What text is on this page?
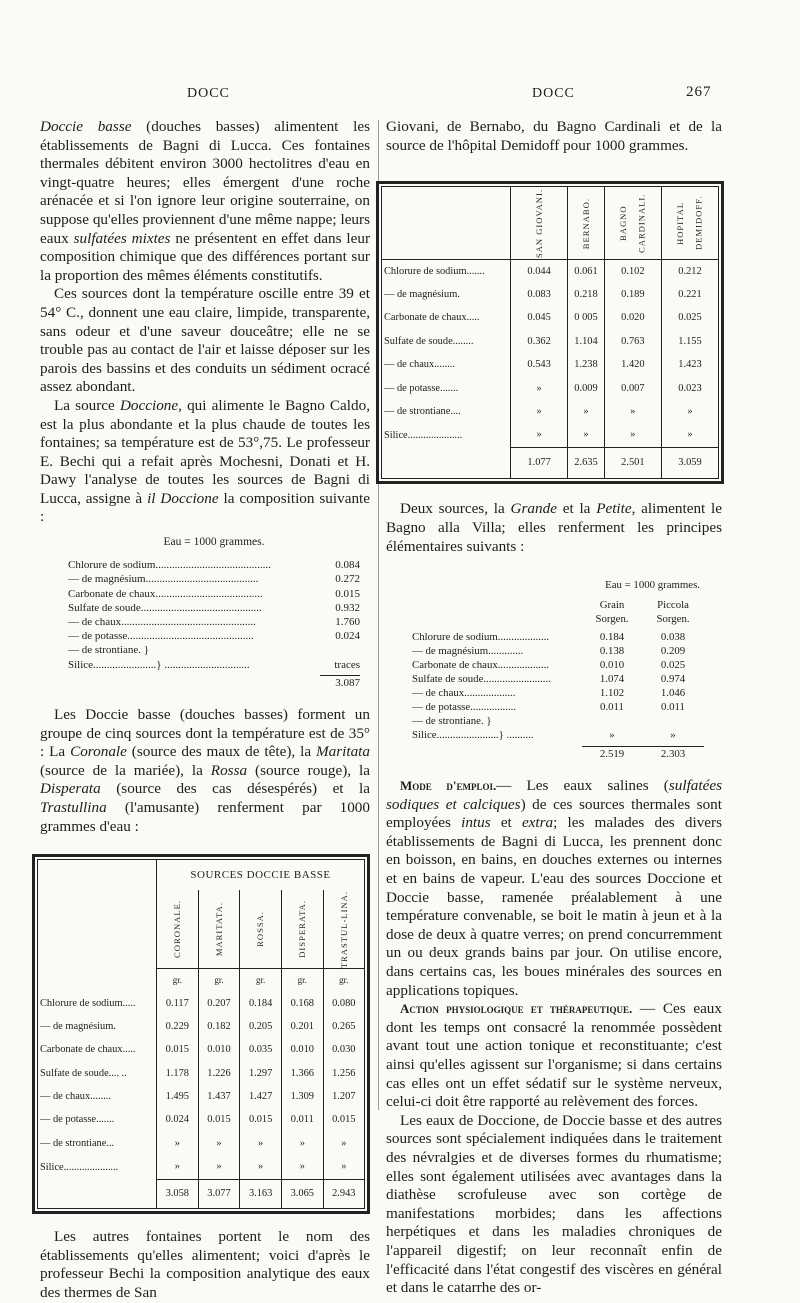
DOCC	DOCC	267

Doccie basse (douches basses) alimentent les établissements de Bagni di Lucca. Ces fontaines thermales débitent environ 3000 hectolitres d'eau en vingt-quatre heures; elles émergent d'une roche arénacée et si l'on ignore leur origine souterraine, on suppose qu'elles proviennent d'une même nappe; leurs eaux sulfatées mixtes ne présentent en effet dans leur composition chimique que des différences portant sur la proportion des mêmes éléments constitutifs.

Ces sources dont la température oscille entre 39 et 54° C., donnent une eau claire, limpide, transparente, sans odeur et d'une saveur douceâtre; elle ne se trouble pas au contact de l'air et laisse déposer sur les parois des bassins et des conduits un sédiment ocracé assez abondant.

La source Doccione, qui alimente le Bagno Caldo, est la plus abondante et la plus chaude de toutes les fontaines; sa température est de 53°,75. Le professeur E. Bechi qui a refait après Mochesni, Donati et H. Dawy l'analyse de toutes les sources de Bagni di Lucca, assigne à il Doccione la composition suivante :

Eau = 1000 grammes.
Chlorure de sodium..........................................	0.084
— de magnésium.........................................	0.272
Carbonate de chaux.......................................	0.015
Sulfate de soude............................................	0.932
— de chaux.................................................	1.760
— de potasse..............................................	0.024
— de strontiane. }
Silice.......................} ...............................	traces
3.087

Les Doccie basse (douches basses) forment un groupe de cinq sources dont la température est de 35° : La Coronale (source des maux de tête), la Maritata (source de la mariée), la Rossa (source rouge), la Disperata (source des cas désespérés) et la Trastullina (l'amusante) renferment par 1000 grammes d'eau :

	SOURCES DOCCIE BASSE				

	CORONALE.	MARITATA.	ROSSA.	DISPERATA.	TRASTUL-LINA.

	gr.	gr.	gr.	gr.	gr.
Chlorure de sodium.....	0.117	0.207	0.184	0.168	0.080
— de magnésium.	0.229	0.182	0.205	0.201	0.265
Carbonate de chaux.....	0.015	0.010	0.035	0.010	0.030
Sulfate de soude.... ..	1.178	1.226	1.297	1.366	1.256
— de chaux........	1.495	1.437	1.427	1.309	1.207
— de potasse.......	0.024	0.015	0.015	0.011	0.015
— de strontiane...	»	»	»	»	»
Silice.....................	»	»	»	»	»
	3.058	3.077	3.163	3.065	2.943

Les autres fontaines portent le nom des établissements qu'elles alimentent; voici d'après le professeur Bechi la composition analytique des eaux des thermes de San

Giovani, de Bernabo, du Bagno Cardinali et de la source de l'hôpital Demidoff pour 1000 grammes.

	SAN GIOVANI.	BERNABO.	BAGNO CARDINALI.	HOPITAL DEMIDOFF.

Chlorure de sodium.......	0.044	0.061	0.102	0.212
— de magnésium.	0.083	0.218	0.189	0.221
Carbonate de chaux.....	0.045	0 005	0.020	0.025
Sulfate de soude........	0.362	1.104	0.763	1.155
— de chaux........	0.543	1.238	1.420	1.423
— de potasse.......	»	0.009	0.007	0.023
— de strontiane....	»	»	»	»
Silice.....................	»	»	»	»
	1.077	2.635	2.501	3.059

Deux sources, la Grande et la Petite, alimentent le Bagno alla Villa; elles renferment les principes élémentaires suivants :

Eau = 1000 grammes.
Grain Sorgen.
Piccola Sorgen.
Chlorure de sodium...................	0.184	0.038
— de magnésium.............	0.138	0.209
Carbonate de chaux...................	0.010	0.025
Sulfate de soude.........................	1.074	0.974
— de chaux...................	1.102	1.046
— de potasse.................	0.011	0.011
— de strontiane. }
Silice.......................} ..........	»	»
2.519	2.303

Mode d'emploi.— Les eaux salines (sulfatées sodiques et calciques) de ces sources thermales sont employées intus et extra; les malades des divers établissements de Bagni di Lucca, les prennent donc en boisson, en bains, en douches externes ou internes et en bains de vapeur. L'eau des sources Doccione et Doccie basse, ramenée préalablement à une température convenable, se boit le matin à jeun et à la dose de deux à quatre verres; on prend concurremment un ou deux grands bains par jour. On utilise encore, dans certains cas, les boues minérales des sources en applications topiques.

Action physiologique et thérapeutique. — Ces eaux dont les temps ont consacré la renommée possèdent avant tout une action tonique et reconstituante; c'est ainsi qu'elles agissent sur l'organisme; si dans certains cas elles ont un effet sédatif sur le système nerveux, celui-ci doit être rapporté au relèvement des forces.

Les eaux de Doccione, de Doccie basse et des autres sources sont spécialement indiquées dans le traitement des névralgies et de diverses formes du rhumatisme; elles sont également utilisées avec avantages dans la diathèse scrofuleuse avec son cortège de manifestations morbides; dans les affections herpétiques et dans les maladies chroniques de l'appareil digestif; on leur reconnaît enfin de l'efficacité dans l'état congestif des viscères en général et dans le catarrhe des or-
